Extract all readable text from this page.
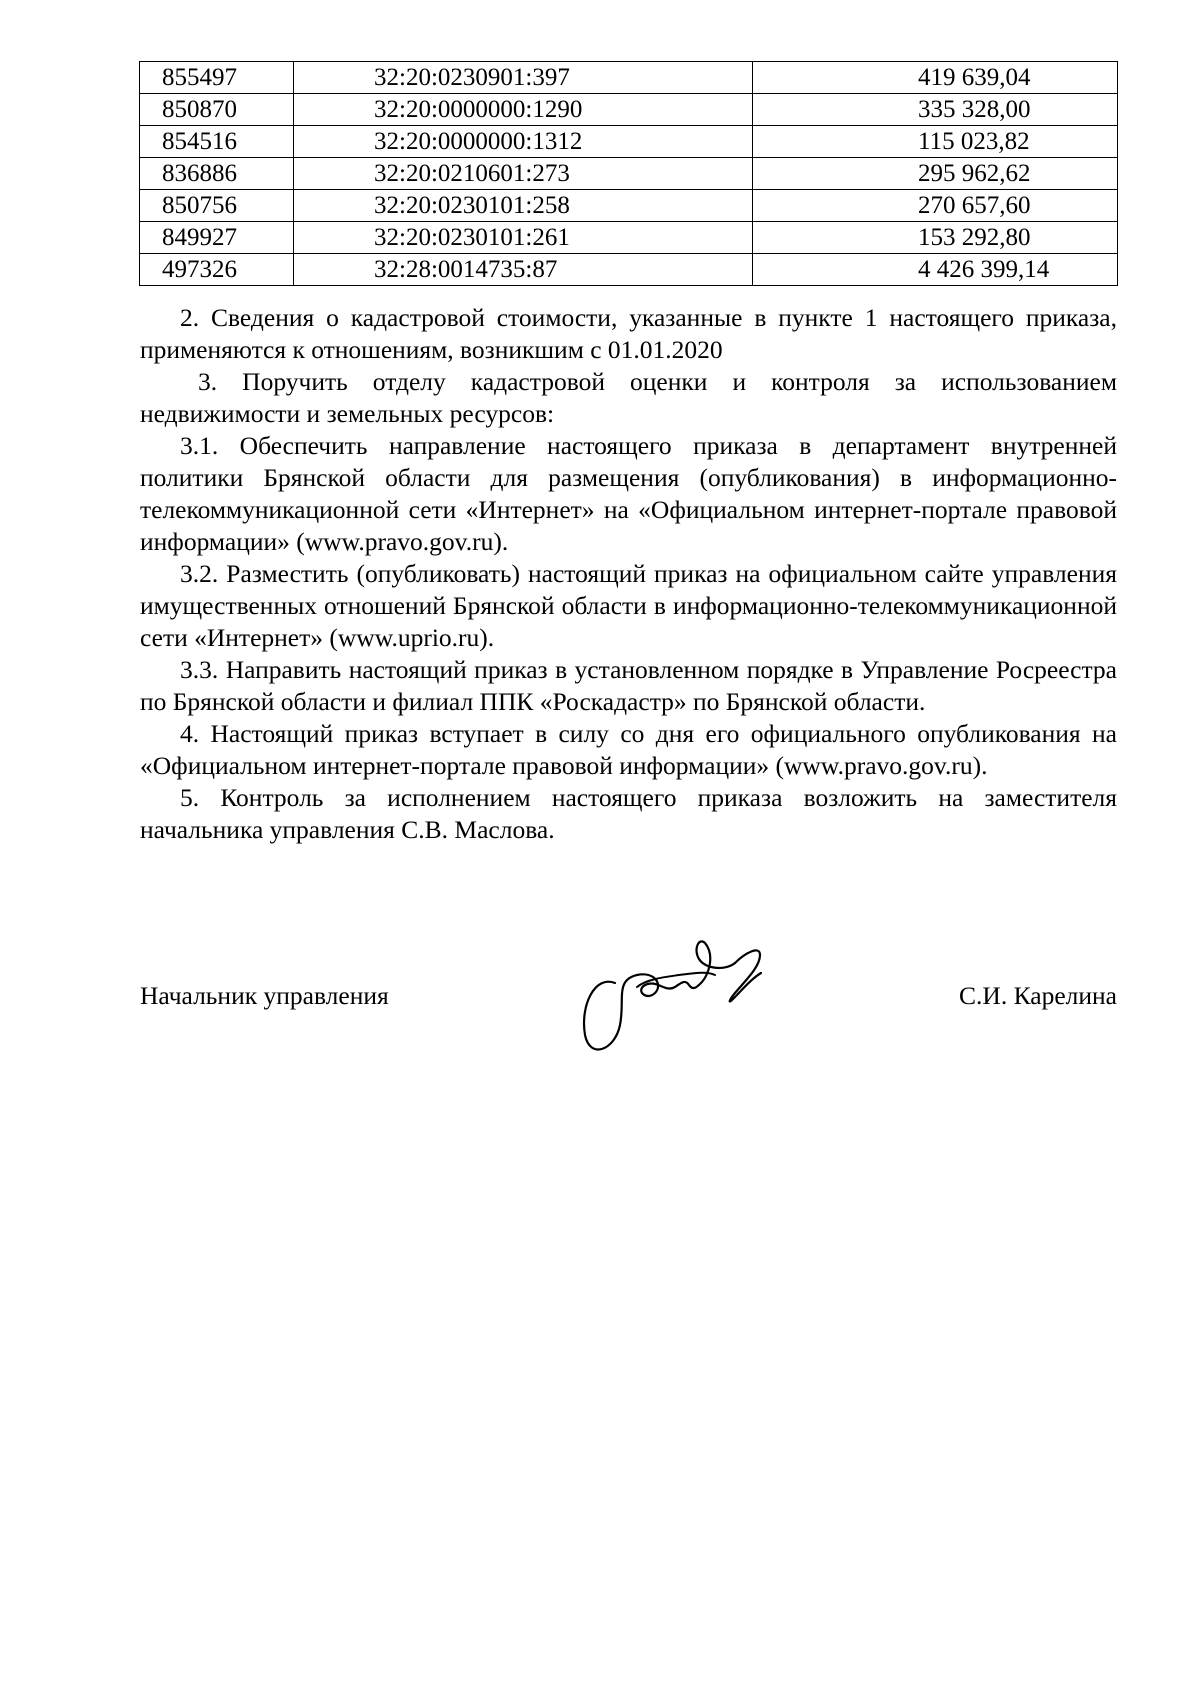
855497	32:20:0230901:397	419 639,04
850870	32:20:0000000:1290	335 328,00
854516	32:20:0000000:1312	115 023,82
836886	32:20:0210601:273	295 962,62
850756	32:20:0230101:258	270 657,60
849927	32:20:0230101:261	153 292,80
497326	32:28:0014735:87	4 426 399,14

2. Сведения о кадастровой стоимости, указанные в пункте 1 настоящего приказа, применяются к отношениям, возникшим с 01.01.2020

3. Поручить отделу кадастровой оценки и контроля за использованием недвижимости и земельных ресурсов:

3.1. Обеспечить направление настоящего приказа в департамент внутренней политики Брянской области для размещения (опубликования) в информационно-телекоммуникационной сети «Интернет» на «Официальном интернет-портале правовой информации» (www.pravo.gov.ru).

3.2. Разместить (опубликовать) настоящий приказ на официальном сайте управления имущественных отношений Брянской области в информационно-телекоммуникационной сети «Интернет» (www.uprio.ru).

3.3. Направить настоящий приказ в установленном порядке в Управление Росреестра по Брянской области и филиал ППК «Роскадастр» по Брянской области.

4. Настоящий приказ вступает в силу со дня его официального опубликования на «Официальном интернет-портале правовой информации» (www.pravo.gov.ru).

5. Контроль за исполнением настоящего приказа возложить на заместителя начальника управления С.В. Маслова.

Начальник управления	С.И. Карелина
